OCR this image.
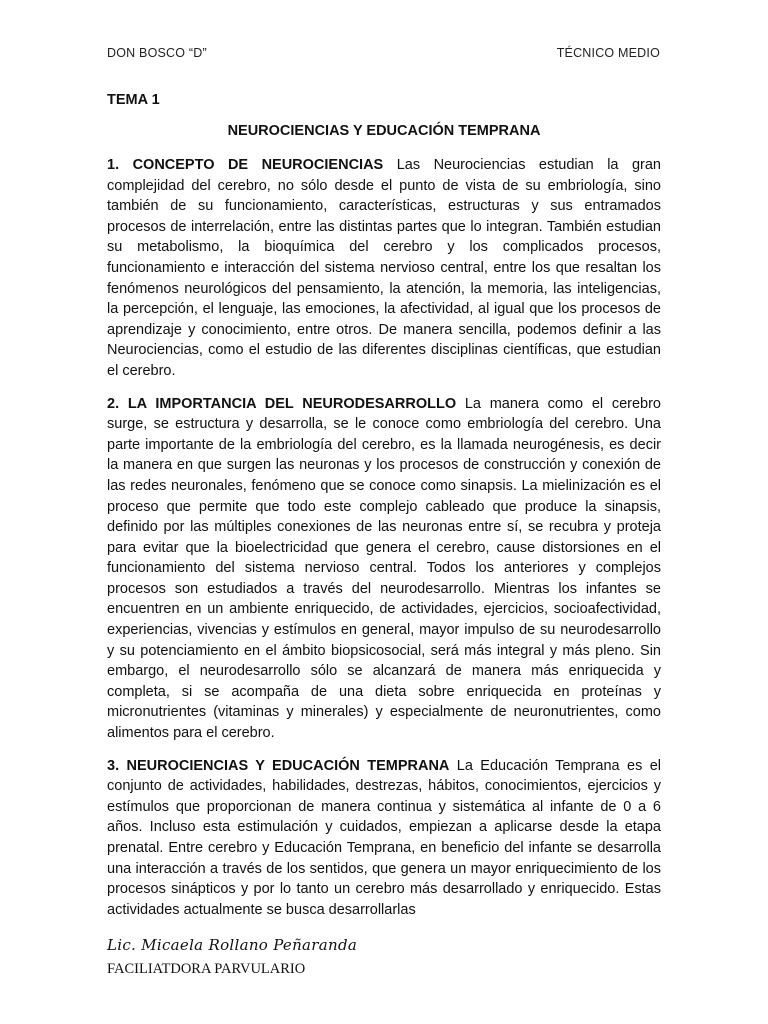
DON BOSCO “D”	TÉCNICO MEDIO
TEMA 1
NEUROCIENCIAS Y EDUCACIÓN TEMPRANA

1. CONCEPTO DE NEUROCIENCIAS Las Neurociencias estudian la gran complejidad del cerebro, no sólo desde el punto de vista de su embriología, sino también de su funcionamiento, características, estructuras y sus entramados procesos de interrelación, entre las distintas partes que lo integran. También estudian su metabolismo, la bioquímica del cerebro y los complicados procesos, funcionamiento e interacción del sistema nervioso central, entre los que resaltan los fenómenos neurológicos del pensamiento, la atención, la memoria, las inteligencias, la percepción, el lenguaje, las emociones, la afectividad, al igual que los procesos de aprendizaje y conocimiento, entre otros. De manera sencilla, podemos definir a las Neurociencias, como el estudio de las diferentes disciplinas científicas, que estudian el cerebro.

2. LA IMPORTANCIA DEL NEURODESARROLLO La manera como el cerebro surge, se estructura y desarrolla, se le conoce como embriología del cerebro. Una parte importante de la embriología del cerebro, es la llamada neurogénesis, es decir la manera en que surgen las neuronas y los procesos de construcción y conexión de las redes neuronales, fenómeno que se conoce como sinapsis. La mielinización es el proceso que permite que todo este complejo cableado que produce la sinapsis, definido por las múltiples conexiones de las neuronas entre sí, se recubra y proteja para evitar que la bioelectricidad que genera el cerebro, cause distorsiones en el funcionamiento del sistema nervioso central. Todos los anteriores y complejos procesos son estudiados a través del neurodesarrollo. Mientras los infantes se encuentren en un ambiente enriquecido, de actividades, ejercicios, socioafectividad, experiencias, vivencias y estímulos en general, mayor impulso de su neurodesarrollo y su potenciamiento en el ámbito biopsicosocial, será más integral y más pleno. Sin embargo, el neurodesarrollo sólo se alcanzará de manera más enriquecida y completa, si se acompaña de una dieta sobre enriquecida en proteínas y micronutrientes (vitaminas y minerales) y especialmente de neuronutrientes, como alimentos para el cerebro.

3. NEUROCIENCIAS Y EDUCACIÓN TEMPRANA La Educación Temprana es el conjunto de actividades, habilidades, destrezas, hábitos, conocimientos, ejercicios y estímulos que proporcionan de manera continua y sistemática al infante de 0 a 6 años. Incluso esta estimulación y cuidados, empiezan a aplicarse desde la etapa prenatal. Entre cerebro y Educación Temprana, en beneficio del infante se desarrolla una interacción a través de los sentidos, que genera un mayor enriquecimiento de los procesos sinápticos y por lo tanto un cerebro más desarrollado y enriquecido. Estas actividades actualmente se busca desarrollarlas

Lic. Micaela Rollano Peñaranda
FACILIATDORA PARVULARIO
